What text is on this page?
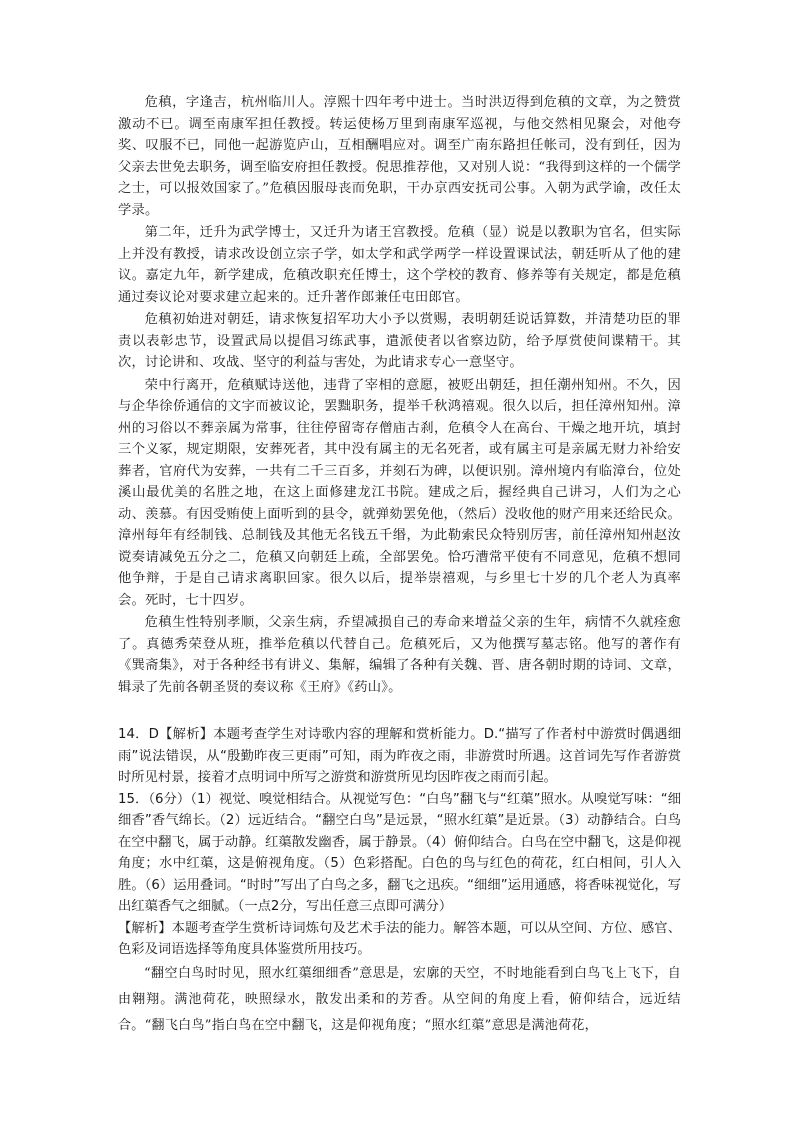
危稹，字逢吉，杭州临川人。淳熙十四年考中进士。当时洪迈得到危稹的文章，为之赞赏激动不已。调至南康军担任教授。转运使杨万里到南康军巡视，与他交然相见聚会，对他夸奖、叹服不已，同他一起游览庐山，互相酬唱应对。调至广南东路担任帐司，没有到任，因为父亲去世免去职务，调至临安府担任教授。倪思推荐他，又对别人说：“我得到这样的一个儒学之士，可以报效国家了。”危稹因服母丧而免职，干办京西安抚司公事。入朝为武学谕，改任太学录。

第二年，迁升为武学博士，又迁升为诸王宫教授。危稹（显）说是以教职为官名，但实际上并没有教授，请求改设创立宗子学，如太学和武学两学一样设置课试法，朝廷听从了他的建议。嘉定九年，新学建成，危稹改职充任博士，这个学校的教育、修养等有关规定，都是危稹通过奏议论对要求建立起来的。迁升著作郎兼任屯田郎官。

危稹初始进对朝廷，请求恢复招军功大小予以赏赐，表明朝廷说话算数，并清楚功臣的罪责以表彰忠节，设置武局以提倡习练武事，遣派使者以省察边防，给予厚赏使间谍精干。其次，讨论讲和、攻战、坚守的利益与害处，为此请求专心一意坚守。

荣中行离开，危稹赋诗送他，违背了宰相的意愿，被贬出朝廷，担任潮州知州。不久，因与企华徐侨通信的文字而被议论，罢黜职务，提举千秋鸿禧观。很久以后，担任漳州知州。漳州的习俗以不葬亲属为常事，往往停留寄存僧庙古刹，危稹令人在高台、干燥之地开坑，填封三个义冢，规定期限，安葬死者，其中没有属主的无名死者，或有属主可是亲属无财力补给安葬者，官府代为安葬，一共有二千三百多，并刻石为碑，以便识别。漳州境内有临漳台，位处溪山最优美的名胜之地，在这上面修建龙江书院。建成之后，握经典自己讲习，人们为之心动、羡慕。有因受贿使上面听到的县令，就弹劾罢免他，（然后）没收他的财产用来还给民众。漳州每年有经制钱、总制钱及其他无名钱五千缗，为此勒索民众特别厉害，前任漳州知州赵汝谠奏请减免五分之二，危稹又向朝廷上疏，全部罢免。恰巧漕常平使有不同意见，危稹不想同他争辩，于是自己请求离职回家。很久以后，提举崇禧观，与乡里七十岁的几个老人为真率会。死时，七十四岁。

危稹生性特别孝顺，父亲生病，乔望减损自己的寿命来增益父亲的生年，病情不久就痊愈了。真德秀荣登从班，推举危稹以代替自己。危稹死后，又为他撰写墓志铭。他写的著作有《巽斋集》，对于各种经书有讲义、集解，编辑了各种有关魏、晋、唐各朝时期的诗词、文章，辑录了先前各朝圣贤的奏议称《王府》《药山》。

14．D【解析】本题考查学生对诗歌内容的理解和赏析能力。D.“描写了作者村中游赏时偶遇细雨”说法错误，从“殷勤昨夜三更雨”可知，雨为昨夜之雨，非游赏时所遇。这首词先写作者游赏时所见村景，接着才点明词中所写之游赏和游赏所见均因昨夜之雨而引起。

15．（6分）（1）视觉、嗅觉相结合。从视觉写色：“白鸟”翻飞与“红蕖”照水。从嗅觉写味：“细细香”香气绵长。（2）远近结合。“翻空白鸟”是远景，“照水红蕖”是近景。（3）动静结合。白鸟在空中翻飞，属于动静。红蕖散发幽香，属于静景。（4）俯仰结合。白鸟在空中翻飞，这是仰视角度；水中红蕖，这是俯视角度。（5）色彩搭配。白色的鸟与红色的荷花，红白相间，引人入胜。（6）运用叠词。“时时”写出了白鸟之多，翻飞之迅疾。“细细”运用通感，将香味视觉化，写出红蕖香气之细腻。（一点2分，写出任意三点即可满分）

【解析】本题考查学生赏析诗词炼句及艺术手法的能力。解答本题，可以从空间、方位、感官、色彩及词语选择等角度具体鉴赏所用技巧。

“翻空白鸟时时见，照水红蕖细细香”意思是，宏廓的天空，不时地能看到白鸟飞上飞下，自由翱翔。满池荷花，映照绿水，散发出柔和的芳香。从空间的角度上看，俯仰结合，远近结合。“翻飞白鸟”指白鸟在空中翻飞，这是仰视角度；“照水红蕖”意思是满池荷花，
